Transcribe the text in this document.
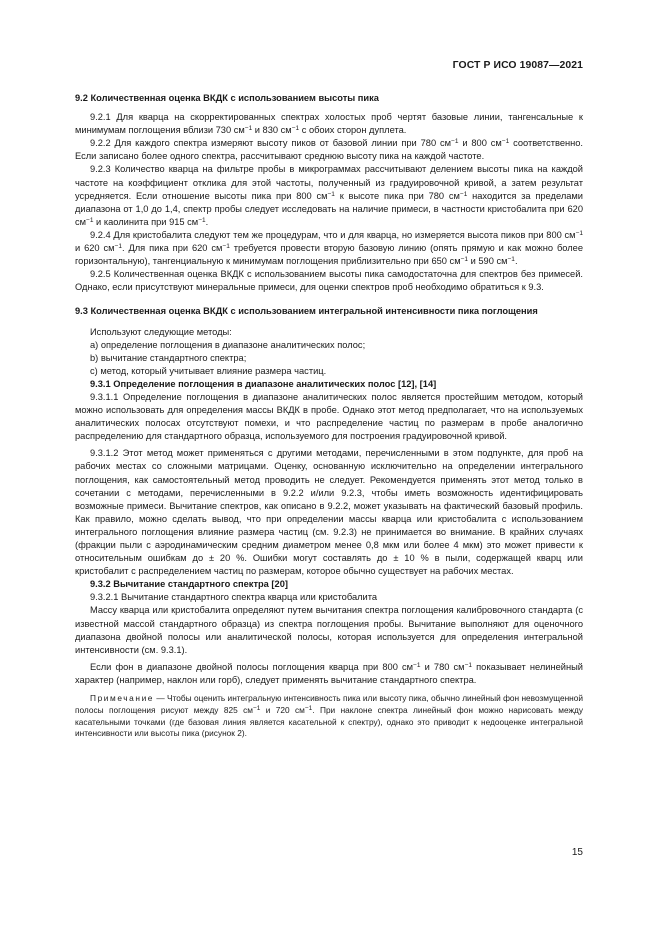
ГОСТ Р ИСО 19087—2021

9.2 Количественная оценка ВКДК с использованием высоты пика

9.2.1 Для кварца на скорректированных спектрах холостых проб чертят базовые линии, тангенсальные к минимумам поглощения вблизи 730 $см^{-1}$ и 830 $см^{-1}$ с обоих сторон дуплета.

9.2.2 Для каждого спектра измеряют высоту пиков от базовой линии при 780 $см^{-1}$ и 800 $см^{-1}$ соответственно. Если записано более одного спектра, рассчитывают среднюю высоту пика на каждой частоте.

9.2.3 Количество кварца на фильтре пробы в микрограммах рассчитывают делением высоты пика на каждой частоте на коэффициент отклика для этой частоты, полученный из градуировочной кривой, а затем результат усредняется. Если отношение высоты пика при 800 $см^{-1}$ к высоте пика при 780 $см^{-1}$ находится за пределами диапазона от 1,0 до 1,4, спектр пробы следует исследовать на наличие примеси, в частности кристобалита при 620 $см^{-1}$ и каолинита при 915 $см^{-1}$.

9.2.4 Для кристобалита следуют тем же процедурам, что и для кварца, но измеряется высота пиков при 800 $см^{-1}$ и 620 $см^{-1}$. Для пика при 620 $см^{-1}$ требуется провести вторую базовую линию (опять прямую и как можно более горизонтальную), тангенциальную к минимумам поглощения приблизительно при 650 $см^{-1}$ и 590 $см^{-1}$.

9.2.5 Количественная оценка ВКДК с использованием высоты пика самодостаточна для спектров без примесей. Однако, если присутствуют минеральные примеси, для оценки спектров проб необходимо обратиться к 9.3.

9.3 Количественная оценка ВКДК с использованием интегральной интенсивности пика поглощения

Используют следующие методы:

a) определение поглощения в диапазоне аналитических полос;

b) вычитание стандартного спектра;

c) метод, который учитывает влияние размера частиц.

9.3.1 Определение поглощения в диапазоне аналитических полос [12], [14]

9.3.1.1 Определение поглощения в диапазоне аналитических полос является простейшим методом, который можно использовать для определения массы ВКДК в пробе. Однако этот метод предполагает, что на используемых аналитических полосах отсутствуют помехи, и что распределение частиц по размерам в пробе аналогично распределению для стандартного образца, используемого для построения градуировочной кривой.

9.3.1.2 Этот метод может применяться с другими методами, перечисленными в этом подпункте, для проб на рабочих местах со сложными матрицами. Оценку, основанную исключительно на определении интегрального поглощения, как самостоятельный метод проводить не следует. Рекомендуется применять этот метод только в сочетании с методами, перечисленными в 9.2.2 и/или 9.2.3, чтобы иметь возможность идентифицировать возможные примеси. Вычитание спектров, как описано в 9.2.2, может указывать на фактический базовый профиль. Как правило, можно сделать вывод, что при определении массы кварца или кристобалита с использованием интегрального поглощения влияние размера частиц (см. 9.2.3) не принимается во внимание. В крайних случаях (фракции пыли с аэродинамическим средним диаметром менее 0,8 мкм или более 4 мкм) это может привести к относительным ошибкам до ± 20 %. Ошибки могут составлять до ± 10 % в пыли, содержащей кварц или кристобалит с распределением частиц по размерам, которое обычно существует на рабочих местах.

9.3.2 Вычитание стандартного спектра [20]

9.3.2.1 Вычитание стандартного спектра кварца или кристобалита

Массу кварца или кристобалита определяют путем вычитания спектра поглощения калибровочного стандарта (с известной массой стандартного образца) из спектра поглощения пробы. Вычитание выполняют для оценочного диапазона двойной полосы или аналитической полосы, которая используется для определения интегральной интенсивности (см. 9.3.1).

Если фон в диапазоне двойной полосы поглощения кварца при 800 $см^{-1}$ и 780 $см^{-1}$ показывает нелинейный характер (например, наклон или горб), следует применять вычитание стандартного спектра.

Примечание — Чтобы оценить интегральную интенсивность пика или высоту пика, обычно линейный фон невозмущенной полосы поглощения рисуют между 825 $см^{-1}$ и 720 $см^{-1}$. При наклоне спектра линейный фон можно нарисовать между касательными точками (где базовая линия является касательной к спектру), однако это приводит к недооценке интегральной интенсивности или высоты пика (рисунок 2).

15
